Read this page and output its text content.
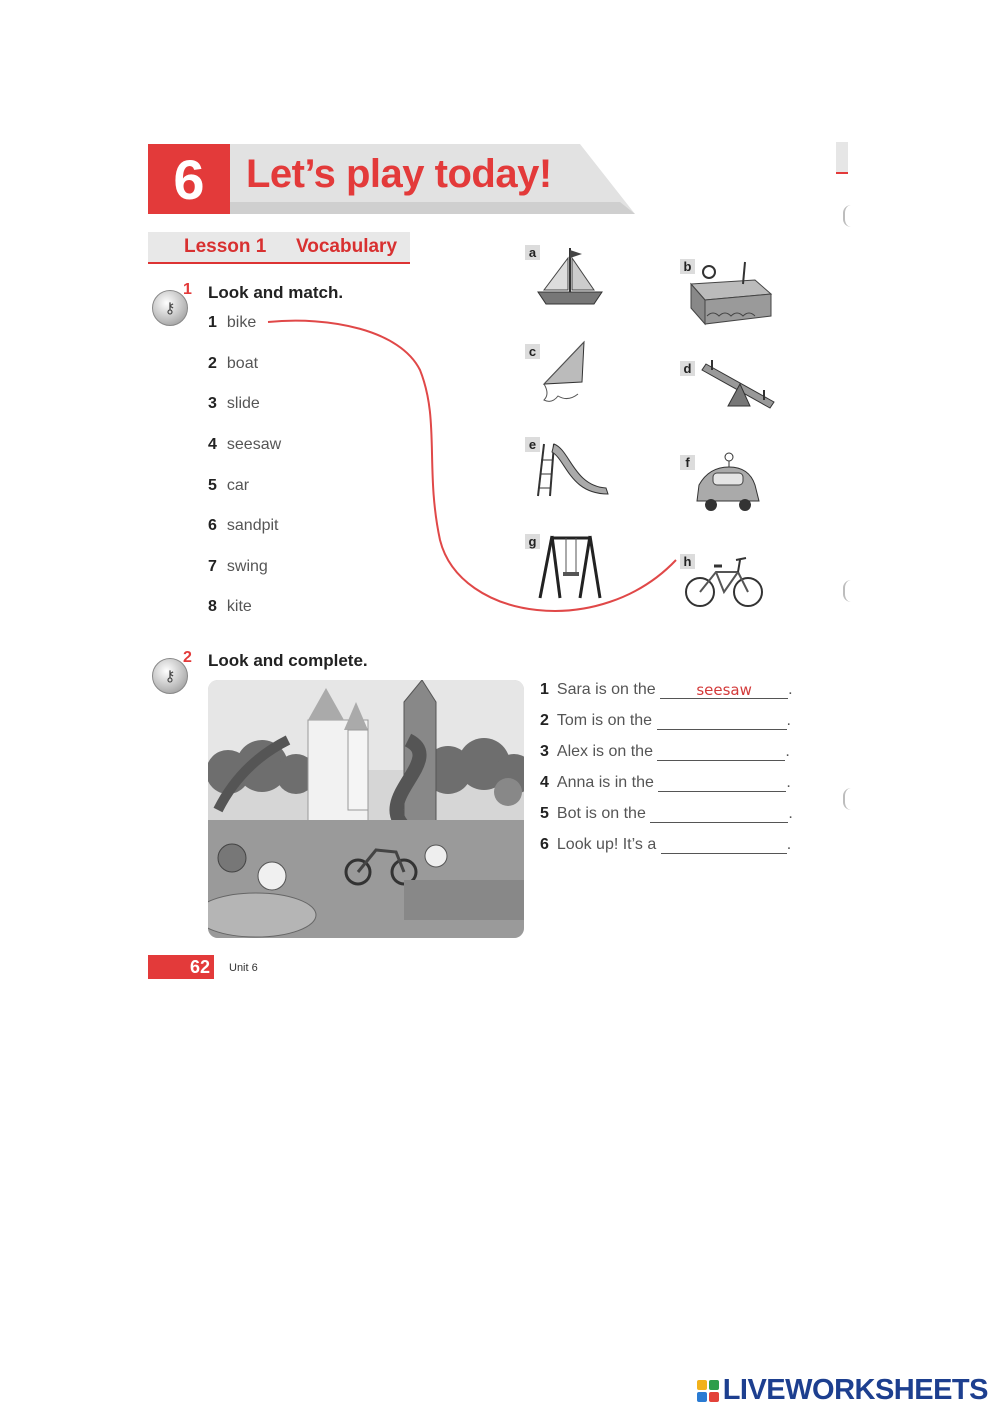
6 Let’s play today!
Lesson 1 Vocabulary
⚷
1 Look and match.
1 bike
2 boat
3 slide
4 seesaw
5 car
6 sandpit
7 swing
8 kite
a
b
c
d
e
f
g
h
⚷
2 Look and complete.
1 Sara is on the	seesaw .
2 Tom is on the	.
3 Alex is on the	.
4 Anna is in the	.
5 Bot is on the	.
6 Look up! It’s a	.
62 Unit 6
LIVEWORKSHEETS
